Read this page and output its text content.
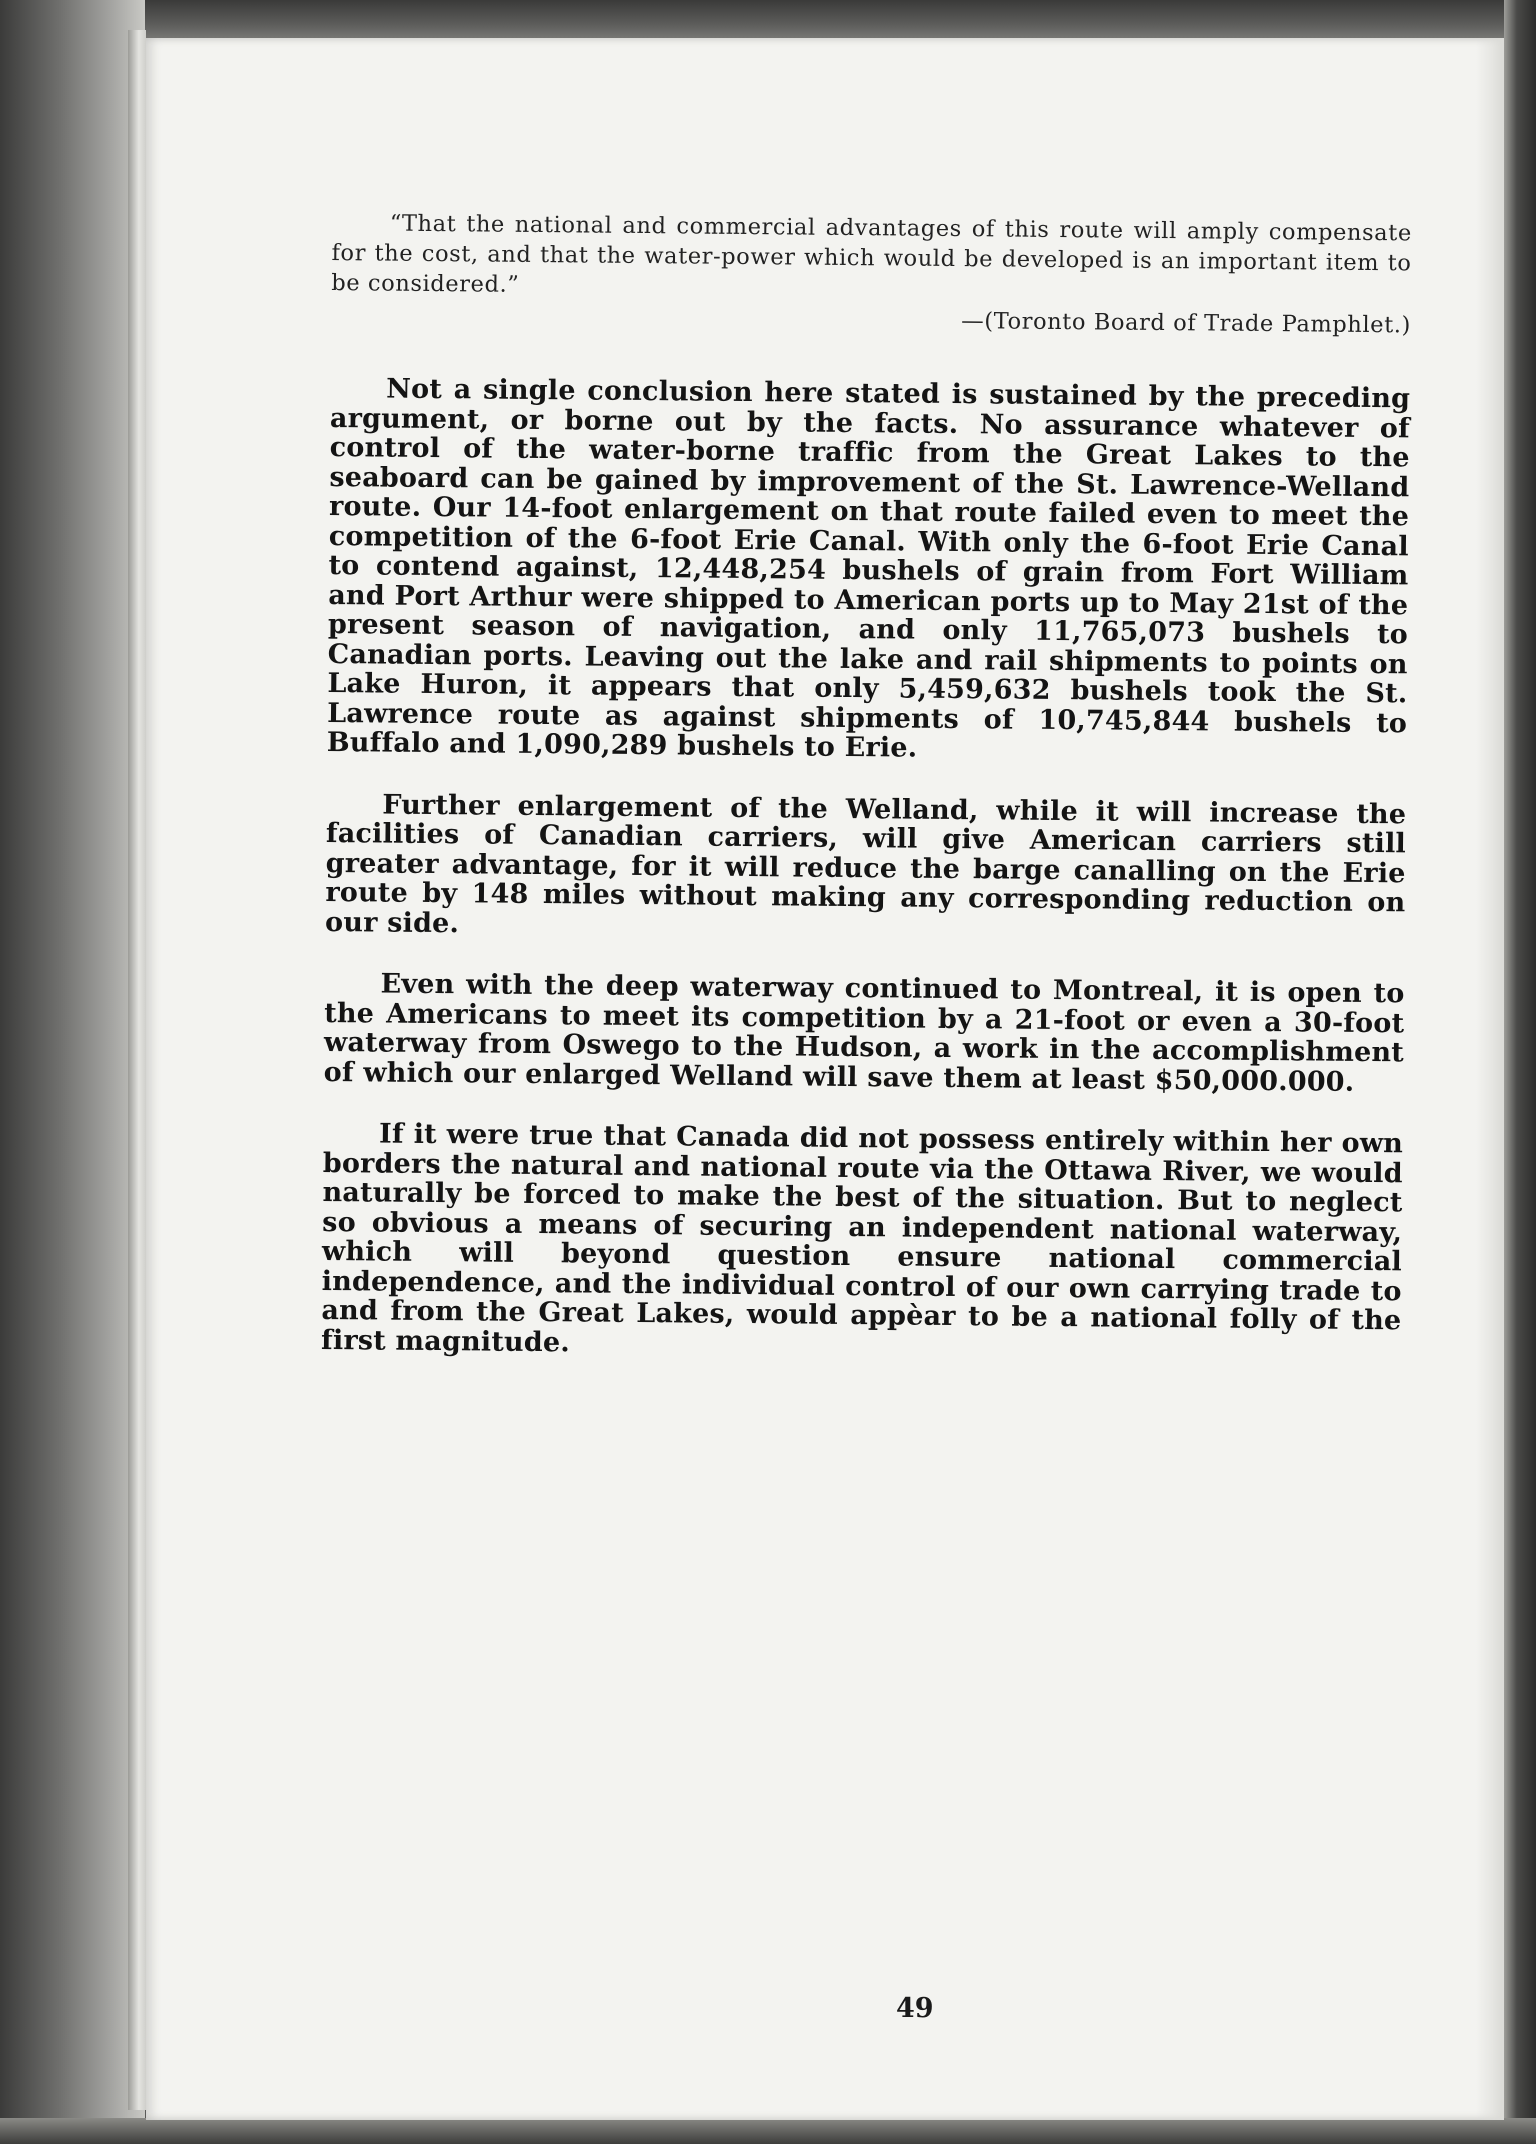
“That the national and commercial advantages of this route will amply compensate for the cost, and that the water-power which would be developed is an important item to be considered.”

—(Toronto Board of Trade Pamphlet.)

Not a single conclusion here stated is sustained by the preceding argument, or borne out by the facts. No assurance whatever of control of the water-borne traffic from the Great Lakes to the seaboard can be gained by improvement of the St. Lawrence-Welland route. Our 14-foot enlargement on that route failed even to meet the competition of the 6-foot Erie Canal. With only the 6-foot Erie Canal to contend against, 12,448,254 bushels of grain from Fort William and Port Arthur were shipped to American ports up to May 21st of the present season of navigation, and only 11,765,073 bushels to Canadian ports. Leaving out the lake and rail shipments to points on Lake Huron, it appears that only 5,459,632 bushels took the St. Lawrence route as against shipments of 10,745,844 bushels to Buffalo and 1,090,289 bushels to Erie.

Further enlargement of the Welland, while it will increase the facilities of Canadian carriers, will give American carriers still greater advantage, for it will reduce the barge canalling on the Erie route by 148 miles without making any corresponding reduction on our side.

Even with the deep waterway continued to Montreal, it is open to the Americans to meet its competition by a 21-foot or even a 30-foot waterway from Oswego to the Hudson, a work in the accomplishment of which our enlarged Welland will save them at least $50,000.000.

If it were true that Canada did not possess entirely within her own borders the natural and national route via the Ottawa River, we would naturally be forced to make the best of the situation. But to neglect so obvious a means of securing an independent national waterway, which will beyond question ensure national commercial independence, and the individual control of our own carrying trade to and from the Great Lakes, would appèar to be a national folly of the first magnitude.

49
